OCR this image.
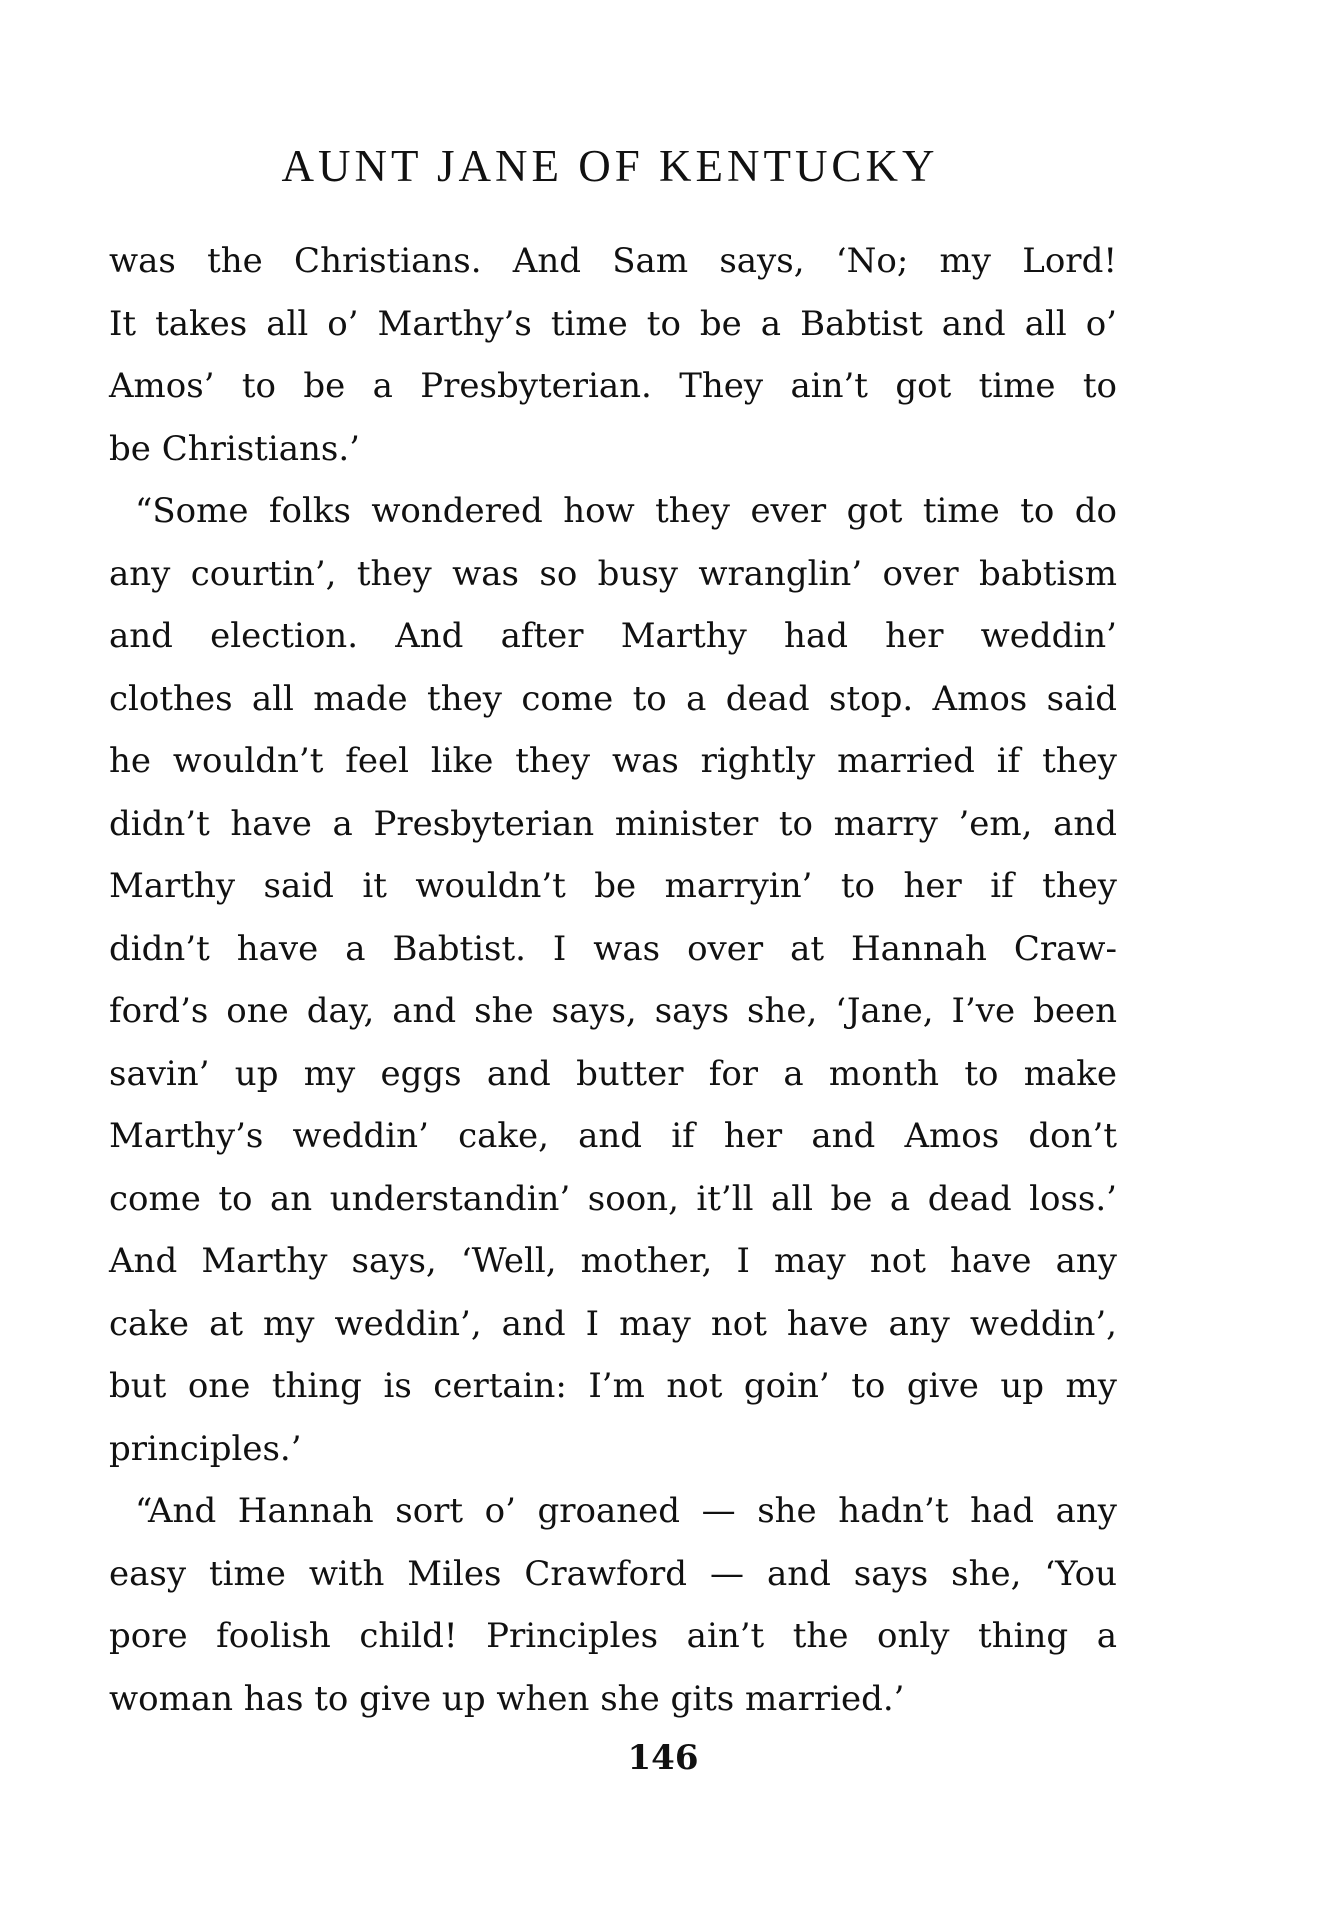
AUNT JANE OF KENTUCKY
was the Christians. And Sam says, ‘No; my Lord!
It takes all o’ Marthy’s time to be a Babtist and all o’
Amos’ to be a Presbyterian. They ain’t got time to
be Christians.’
“Some folks wondered how they ever got time to do
any courtin’, they was so busy wranglin’ over babtism
and election. And after Marthy had her weddin’
clothes all made they come to a dead stop. Amos said
he wouldn’t feel like they was rightly married if they
didn’t have a Presbyterian minister to marry ’em, and
Marthy said it wouldn’t be marryin’ to her if they
didn’t have a Babtist. I was over at Hannah Craw-
ford’s one day, and she says, says she, ‘Jane, I’ve been
savin’ up my eggs and butter for a month to make
Marthy’s weddin’ cake, and if her and Amos don’t
come to an understandin’ soon, it’ll all be a dead loss.’
And Marthy says, ‘Well, mother, I may not have any
cake at my weddin’, and I may not have any weddin’,
but one thing is certain: I’m not goin’ to give up my
principles.’
“And Hannah sort o’ groaned — she hadn’t had any
easy time with Miles Crawford — and says she, ‘You
pore foolish child! Principles ain’t the only thing a
woman has to give up when she gits married.’
146
